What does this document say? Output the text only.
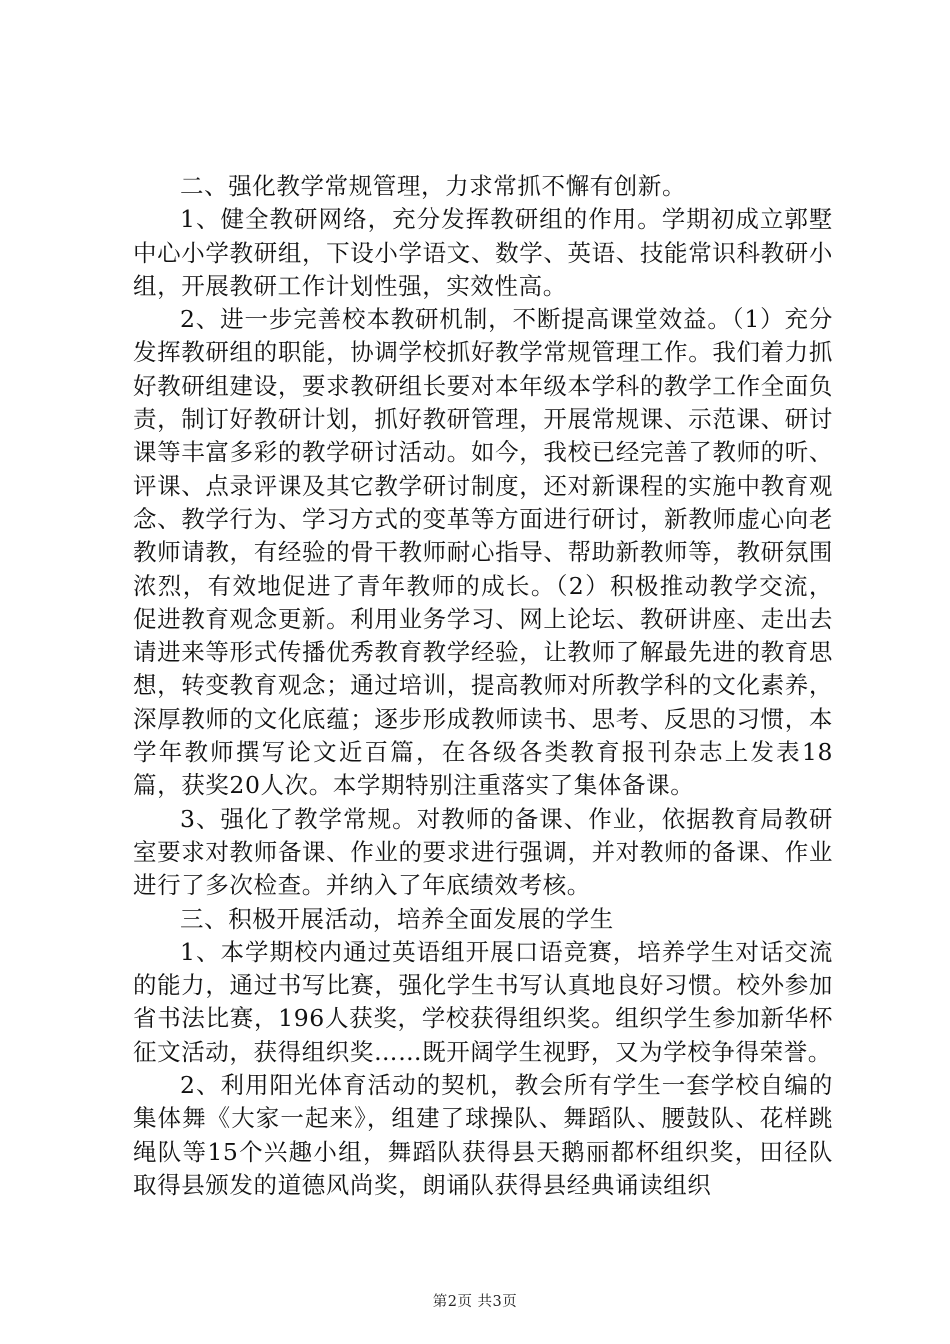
二、强化教学常规管理，力求常抓不懈有创新。

1、健全教研网络，充分发挥教研组的作用。学期初成立郭墅中心小学教研组，下设小学语文、数学、英语、技能常识科教研小组，开展教研工作计划性强，实效性高。

2、进一步完善校本教研机制，不断提高课堂效益。（1）充分发挥教研组的职能，协调学校抓好教学常规管理工作。我们着力抓好教研组建设，要求教研组长要对本年级本学科的教学工作全面负责，制订好教研计划，抓好教研管理，开展常规课、示范课、研讨课等丰富多彩的教学研讨活动。如今，我校已经完善了教师的听、评课、点录评课及其它教学研讨制度，还对新课程的实施中教育观念、教学行为、学习方式的变革等方面进行研讨，新教师虚心向老教师请教，有经验的骨干教师耐心指导、帮助新教师等，教研氛围浓烈，有效地促进了青年教师的成长。（2）积极推动教学交流，促进教育观念更新。利用业务学习、网上论坛、教研讲座、走出去请进来等形式传播优秀教育教学经验，让教师了解最先进的教育思想，转变教育观念；通过培训，提高教师对所教学科的文化素养，深厚教师的文化底蕴；逐步形成教师读书、思考、反思的习惯，本学年教师撰写论文近百篇，在各级各类教育报刊杂志上发表18篇，获奖20人次。本学期特别注重落实了集体备课。

3、强化了教学常规。对教师的备课、作业，依据教育局教研室要求对教师备课、作业的要求进行强调，并对教师的备课、作业进行了多次检查。并纳入了年底绩效考核。

三、积极开展活动，培养全面发展的学生

1、本学期校内通过英语组开展口语竞赛，培养学生对话交流的能力，通过书写比赛，强化学生书写认真地良好习惯。校外参加省书法比赛，196人获奖，学校获得组织奖。组织学生参加新华杯征文活动，获得组织奖……既开阔学生视野，又为学校争得荣誉。

2、利用阳光体育活动的契机，教会所有学生一套学校自编的集体舞《大家一起来》，组建了球操队、舞蹈队、腰鼓队、花样跳绳队等15个兴趣小组，舞蹈队获得县天鹅丽都杯组织奖，田径队取得县颁发的道德风尚奖，朗诵队获得县经典诵读组织

第2页 共3页
